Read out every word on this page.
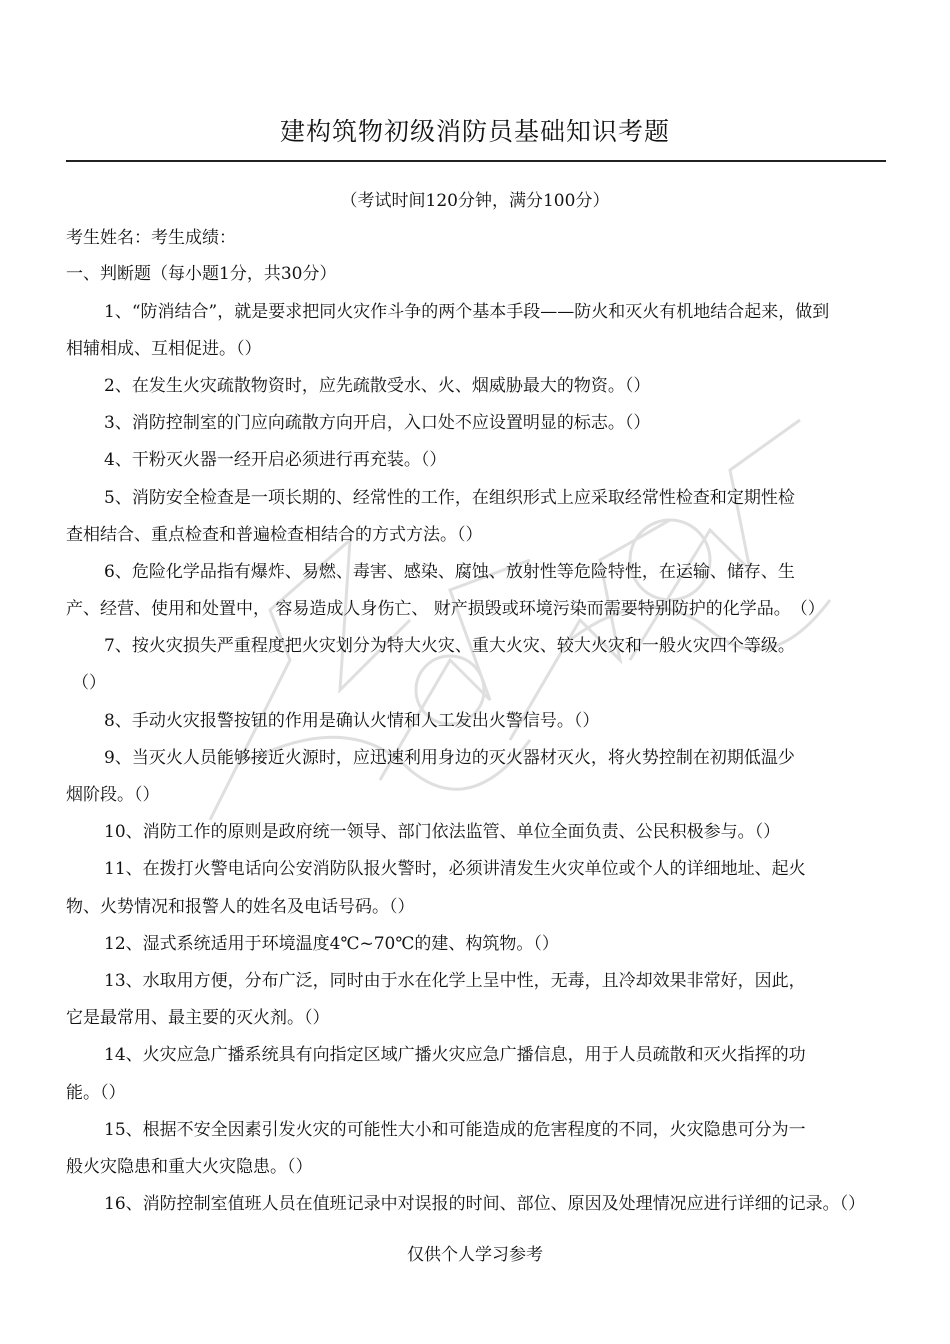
建构筑物初级消防员基础知识考题
（考试时间120分钟，满分100分）
考生姓名：考生成绩：
一、判断题（每小题1分，共30分）
1、“防消结合”，就是要求把同火灾作斗争的两个基本手段——防火和灭火有机地结合起来，做到
相辅相成、互相促进。（）
2、在发生火灾疏散物资时，应先疏散受水、火、烟威胁最大的物资。（）
3、消防控制室的门应向疏散方向开启，入口处不应设置明显的标志。（）
4、干粉灭火器一经开启必须进行再充装。（）
5、消防安全检查是一项长期的、经常性的工作，在组织形式上应采取经常性检查和定期性检
查相结合、重点检查和普遍检查相结合的方式方法。（）
6、危险化学品指有爆炸、易燃、毒害、感染、腐蚀、放射性等危险特性，在运输、储存、生
产、经营、使用和处置中， 容易造成人身伤亡、 财产损毁或环境污染而需要特别防护的化学品。　（）
7、按火灾损失严重程度把火灾划分为特大火灾、重大火灾、较大火灾和一般火灾四个等级。
（）
8、手动火灾报警按钮的作用是确认火情和人工发出火警信号。（）
9、当灭火人员能够接近火源时，应迅速利用身边的灭火器材灭火，将火势控制在初期低温少
烟阶段。（）
10、消防工作的原则是政府统一领导、部门依法监管、单位全面负责、公民积极参与。（）
11、在拨打火警电话向公安消防队报火警时，必须讲清发生火灾单位或个人的详细地址、起火
物、火势情况和报警人的姓名及电话号码。（）
12、湿式系统适用于环境温度4℃~70℃的建、构筑物。（）
13、水取用方便，分布广泛，同时由于水在化学上呈中性，无毒，且冷却效果非常好，因此，
它是最常用、最主要的灭火剂。（）
14、火灾应急广播系统具有向指定区域广播火灾应急广播信息，用于人员疏散和灭火指挥的功
能。（）
15、根据不安全因素引发火灾的可能性大小和可能造成的危害程度的不同，火灾隐患可分为一
般火灾隐患和重大火灾隐患。（）
16、消防控制室值班人员在值班记录中对误报的时间、部位、原因及处理情况应进行详细的记录。（）
仅供个人学习参考
